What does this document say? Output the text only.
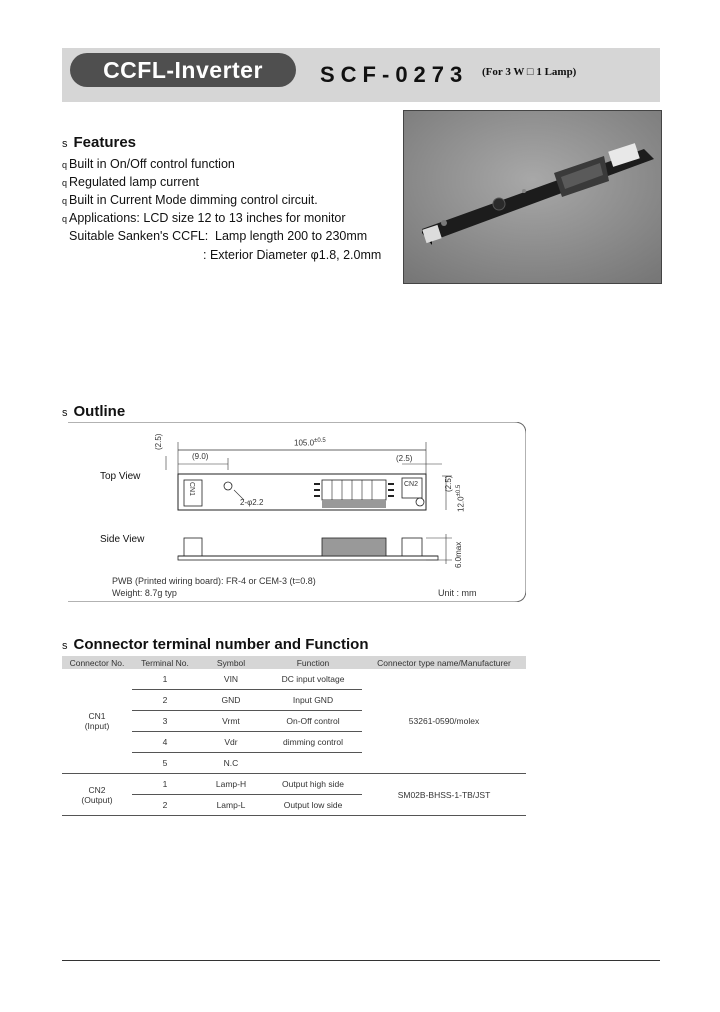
CCFL-Inverter	SCF-0273 (For 3 W □ 1 Lamp)
s Features
q Built in On/Off control function
q Regulated lamp current
q Built in Current Mode dimming control circuit.
q Applications: LCD size 12 to 13 inches for monitor
Suitable Sanken's CCFL: Lamp length 200 to 230mm
: Exterior Diameter φ1.8, 2.0mm
s Outline
Top View
Side View
$105.0^{\pm 0.5}$
(9.0)	(2.5)
(2.5)
(2.5)
$12.0^{\pm 0.5}$
6.0max
2-φ2.2
CN1	CN2
PWB (Printed wiring board): FR-4 or CEM-3 (t=0.8)
Weight: 8.7g typ	Unit : mm
s Connector terminal number and Function
Connector No.	Terminal No.	Symbol	Function	Connector type name/Manufacturer
CN1
(Input)	1	VIN	DC input voltage	53261-0590/molex
	2	GND	Input GND	
	3	Vrmt	On-Off control	
	4	Vdr	dimming control	
	5	N.C		
CN2
(Output)	1	Lamp-H	Output high side	SM02B-BHSS-1-TB/JST
	2	Lamp-L	Output low side	
